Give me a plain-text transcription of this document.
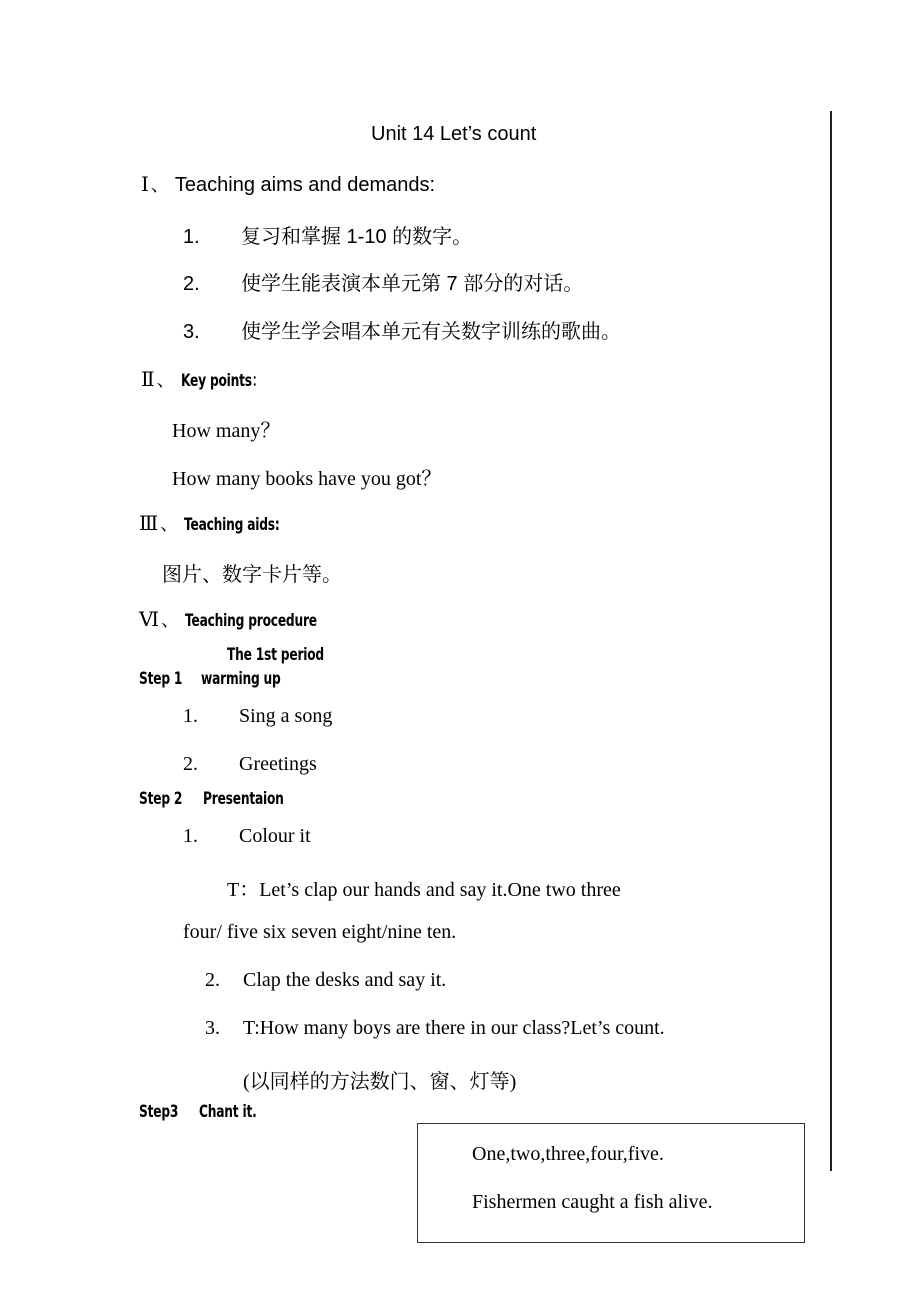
Unit 14 Let’s count
Ⅰ 、 Teaching aims and demands:
1. 复习和掌握 1-10 的数字。
2. 使学生能表演本单元第 7 部分的对话。
3. 使学生学会唱本单元有关数字训练的歌曲。
Ⅱ 、 Key points：
How many？
How many books have you got？
Ⅲ 、 Teaching aids:
图片、数字卡片等。
Ⅵ 、 Teaching procedure
The 1st period
Step 1 warming up
1. Sing a song
2. Greetings
Step 2 Presentaion
1. Colour it
T：Let’s clap our hands and say it.One two three
four/ five six seven eight/nine ten.
2. Clap the desks and say it.
3. T:How many boys are there in our class?Let’s count.
(以同样的方法数门、窗、灯等)
Step3 Chant it.
One,two,three,four,five.
Fishermen caught a fish alive.
